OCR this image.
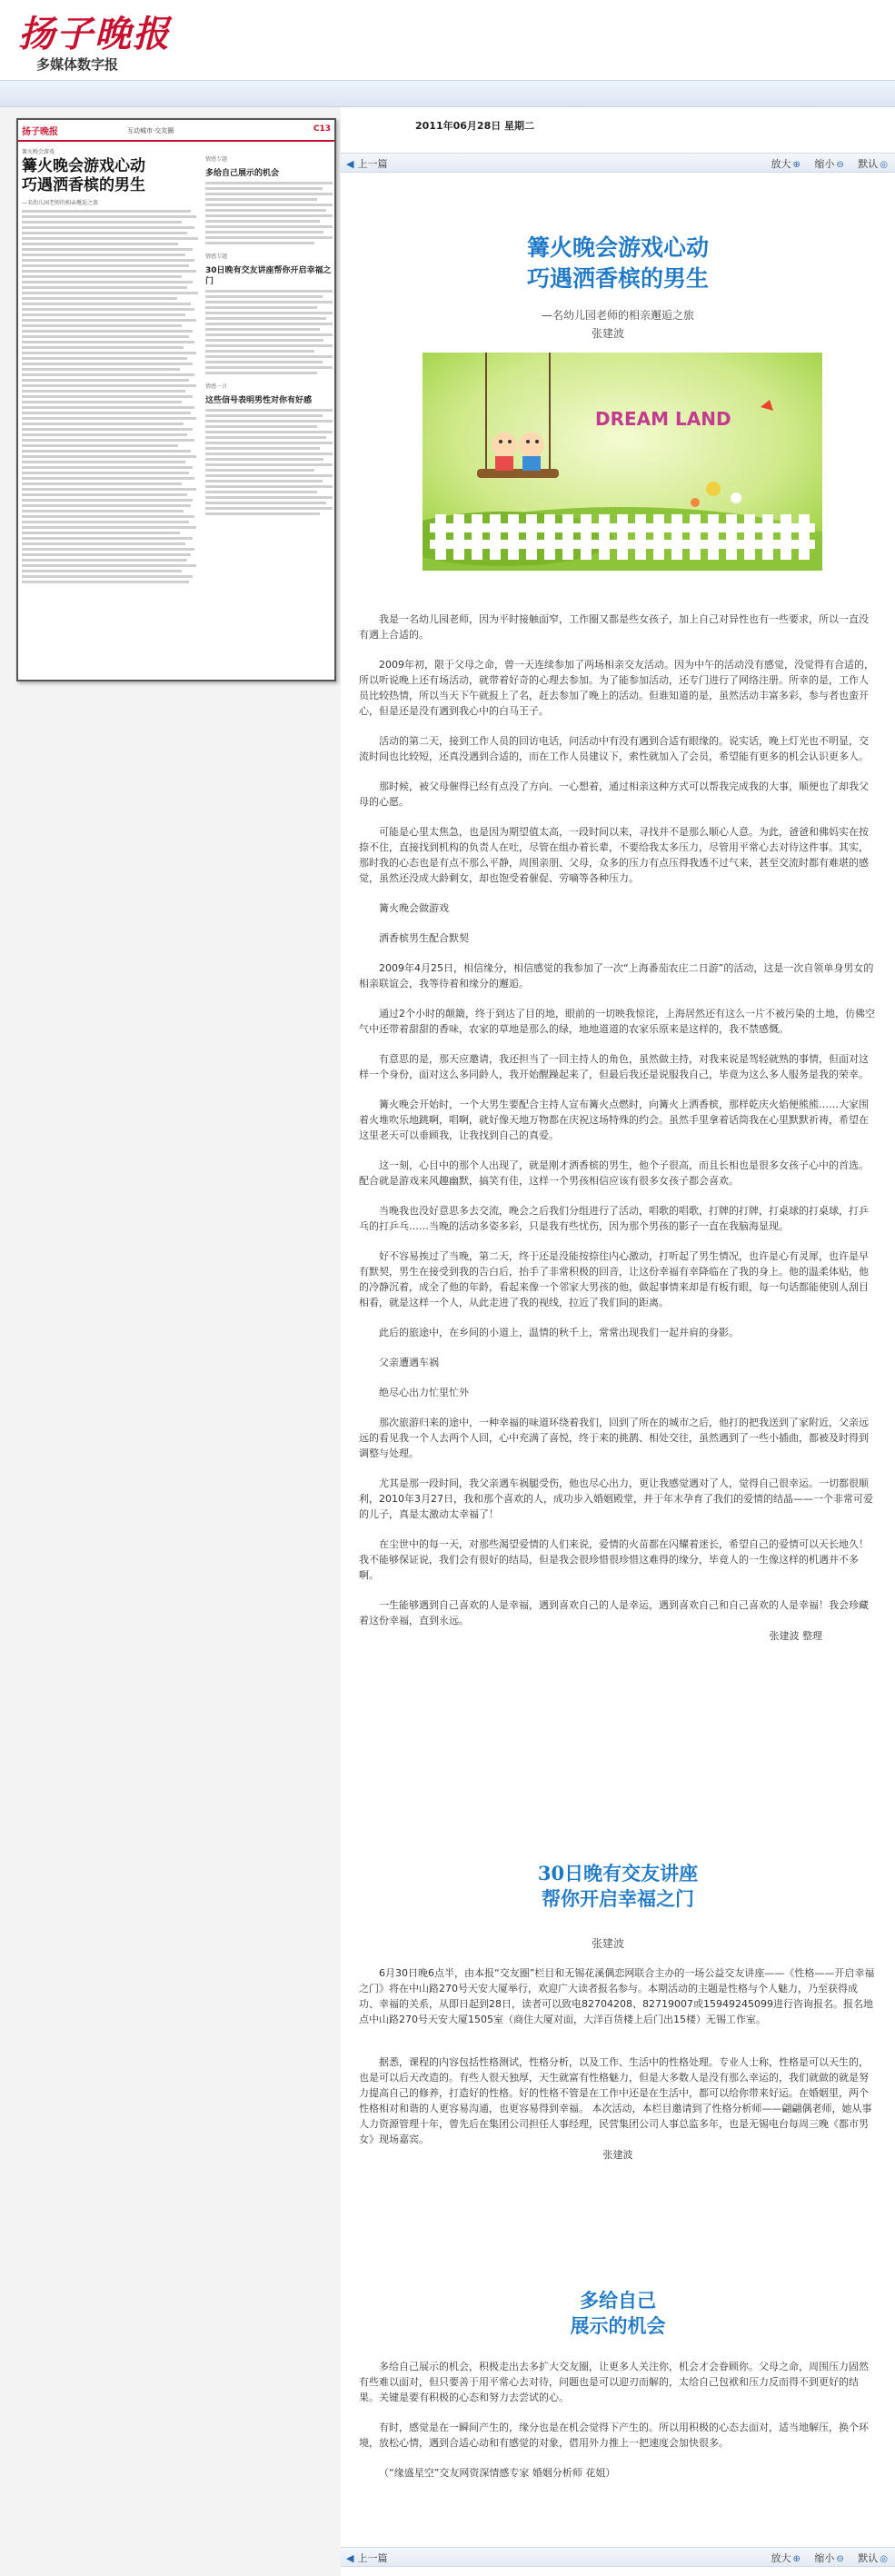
扬子晚报
多媒体数字报
扬子晚报	互动城市·交友圈	C13
篝火晚会游戏
篝火晚会游戏心动
巧遇洒香槟的男生
—名幼儿园老师的相亲邂逅之旅
情感专题
多给自己展示的机会
情感专题
30日晚有交友讲座帮你开启幸福之门
情感一言
这些信号表明男性对你有好感
2011年06月28日 星期二
◀ 上一篇	放大 ⊕ 缩小 ⊖ 默认 ◎
篝火晚会游戏心动
巧遇洒香槟的男生
—名幼儿园老师的相亲邂逅之旅
张建波
DREAM LAND

我是一名幼儿园老师，因为平时接触面窄，工作圈又都是些女孩子，加上自己对异性也有一些要求，所以一直没有遇上合适的。

2009年初，限于父母之命，曾一天连续参加了两场相亲交友活动。因为中午的活动没有感觉，没觉得有合适的，所以听说晚上还有场活动，就带着好奇的心理去参加。为了能参加活动，还专门进行了网络注册。所幸的是，工作人员比较热情，所以当天下午就报上了名，赶去参加了晚上的活动。但谁知道的是，虽然活动丰富多彩，参与者也蛮开心，但是还是没有遇到我心中的白马王子。

活动的第二天，接到工作人员的回访电话，问活动中有没有遇到合适有眼缘的。说实话，晚上灯光也不明显，交流时间也比较短，还真没遇到合适的，而在工作人员建议下，索性就加入了会员，希望能有更多的机会认识更多人。

那时候，被父母催得已经有点没了方向。一心想着，通过相亲这种方式可以帮我完成我的大事，顺便也了却我父母的心愿。

可能是心里太焦急，也是因为期望值太高，一段时间以来，寻找并不是那么顺心人意。为此，爸爸和佛妈实在按捺不住，直接找到机构的负责人在吐，尽管在组办着长辈，不要给我太多压力，尽管用平常心去对待这件事。其实，那时我的心态也是有点不那么平静，周围亲朋、父母，众多的压力有点压得我透不过气来，甚至交流时都有难堪的感觉，虽然还没成大龄剩女，却也饱受着催促、劳嘀等各种压力。

篝火晚会做游戏

洒香槟男生配合默契

2009年4月25日，相信缘分，相信感觉的我参加了一次“上海番茄农庄二日游”的活动，这是一次自领单身男女的相亲联谊会，我等待着和缘分的邂逅。

通过2个小时的颠簸，终于到达了目的地，眼前的一切映我惊诧，上海居然还有这么一片不被污染的土地，仿佛空气中还带着甜甜的香味，农家的草地是那么的绿，地地道道的农家乐原来是这样的，我不禁感慨。

有意思的是，那天应邀请，我还担当了一回主持人的角色，虽然做主持，对我来说是驾轻就熟的事情，但面对这样一个身份，面对这么多同龄人，我开始醒躁起来了，但最后我还是说服我自己，毕竟为这么多人服务是我的荣幸。

篝火晚会开始时，一个大男生要配合主持人宣布篝火点燃时，向篝火上洒香槟，那样乾庆火焰便熊熊……大家围着火堆吹乐地跳啊，唱啊，就好像天地万物都在庆祝这场特殊的约会。虽然手里拿着话筒我在心里默默祈祷，希望在这里老天可以垂顾我，让我找到自己的真爱。

这一刻，心目中的那个人出现了，就是刚才洒香槟的男生，他个子很高，而且长相也是很多女孩子心中的首选。配合就是游戏来风趣幽默，搞笑有佳，这样一个男孩相信应该有很多女孩子都会喜欢。

当晚我也没好意思多去交流，晚会之后我们分组进行了活动，唱歌的唱歌，打牌的打牌，打桌球的打桌球，打乒乓的打乒乓……当晚的活动多姿多彩，只是我有些忧伤，因为那个男孩的影子一直在我脑海显现。

好不容易挨过了当晚，第二天，终于还是没能按捺住内心激动，打听起了男生情况，也许是心有灵犀，也许是早有默契，男生在接受到我的告白后，抬手了非常积极的回音，让这份幸福有幸降临在了我的身上。他的温柔体贴，他的冷静沉着，成全了他的年龄，看起来像一个邻家大男孩的他，做起事情来却是有板有眼，每一句话都能使别人刮目相看，就是这样一个人，从此走进了我的视线，拉近了我们间的距离。

此后的旅途中，在乡间的小道上，温情的秋千上，常常出现我们一起并肩的身影。

父亲遭遇车祸

绝尽心出力忙里忙外

那次旅游归来的途中，一种幸福的味道环绕着我们，回到了所在的城市之后，他打的把我送到了家附近，父亲远远的看见我一个人去两个人回，心中充满了喜悦，终于来的挑鹊、相处交往，虽然遇到了一些小插曲，都被及时得到调整与处理。

尤其是那一段时间，我父亲遇车祸腿受伤，他也尽心出力，更让我感觉遇对了人，觉得自己很幸运。一切都很顺利，2010年3月27日，我和那个喜欢的人，成功步入婚姻殿堂，并于年末孕育了我们的爱情的结晶——一个非常可爱的儿子，真是太激动太幸福了！

在尘世中的每一天，对那些渴望爱情的人们来说，爱情的火苗都在闪耀着迷长，希望自己的爱情可以天长地久！我不能够保证说，我们会有很好的结局，但是我会很珍惜很珍惜这难得的缘分，毕竟人的一生像这样的机遇并不多啊。

一生能够遇到自己喜欢的人是幸福，遇到喜欢自己的人是幸运，遇到喜欢自己和自己喜欢的人是幸福！我会珍藏着这份幸福，直到永远。

张建波 整理
30日晚有交友讲座
帮你开启幸福之门
张建波

6月30日晚6点半，由本报“交友圈”栏目和无锡花溪偶恋网联合主办的一场公益交友讲座——《性格——开启幸福之门》将在中山路270号天安大厦举行，欢迎广大读者报名参与。本期活动的主题是性格与个人魅力，乃至获得成功、幸福的关系，从即日起到28日，读者可以致电82704208、82719007或15949245099进行咨询报名。报名地点中山路270号天安大厦1505室（商住大厦对面，大洋百货楼上后门出15楼）无锡工作室。

据悉，课程的内容包括性格测试，性格分析，以及工作、生活中的性格处理。专业人士称，性格是可以天生的，也是可以后天改造的。有些人很天独厚，天生就富有性格魅力，但是大多数人是没有那么幸运的，我们就做的就是努力提高自己的修养，打造好的性格。好的性格不管是在工作中还是在生活中，都可以给你带来好运。在婚姻里，两个性格相对和谐的人更容易沟通，也更容易得到幸福。 本次活动，本栏目邀请到了性格分析师——翩翩偶老师，她从事人力资源管理十年，曾先后在集团公司担任人事经理，民营集团公司人事总监多年，也是无锡电台每周三晚《都市男女》现场嘉宾。

张建波
多给自己
展示的机会

多给自己展示的机会，积极走出去多扩大交友圈，让更多人关注你，机会才会眷顾你。父母之命，周围压力固然有些难以面对，但只要善于用平常心去对待，问题也是可以迎刃而解的，太给自己包袱和压力反而得不到更好的结果。关键是要有积极的心态和努力去尝试的心。

有时，感觉是在一瞬间产生的，缘分也是在机会觉得下产生的。所以用积极的心态去面对，适当地解压，换个环境，放松心情，遇到合适心动和有感觉的对象，借用外力推上一把速度会加快很多。

（“缘盛星空”交友网资深情感专家 婚姻分析师 花姐）

◀ 上一篇	放大 ⊕ 缩小 ⊖ 默认 ◎
